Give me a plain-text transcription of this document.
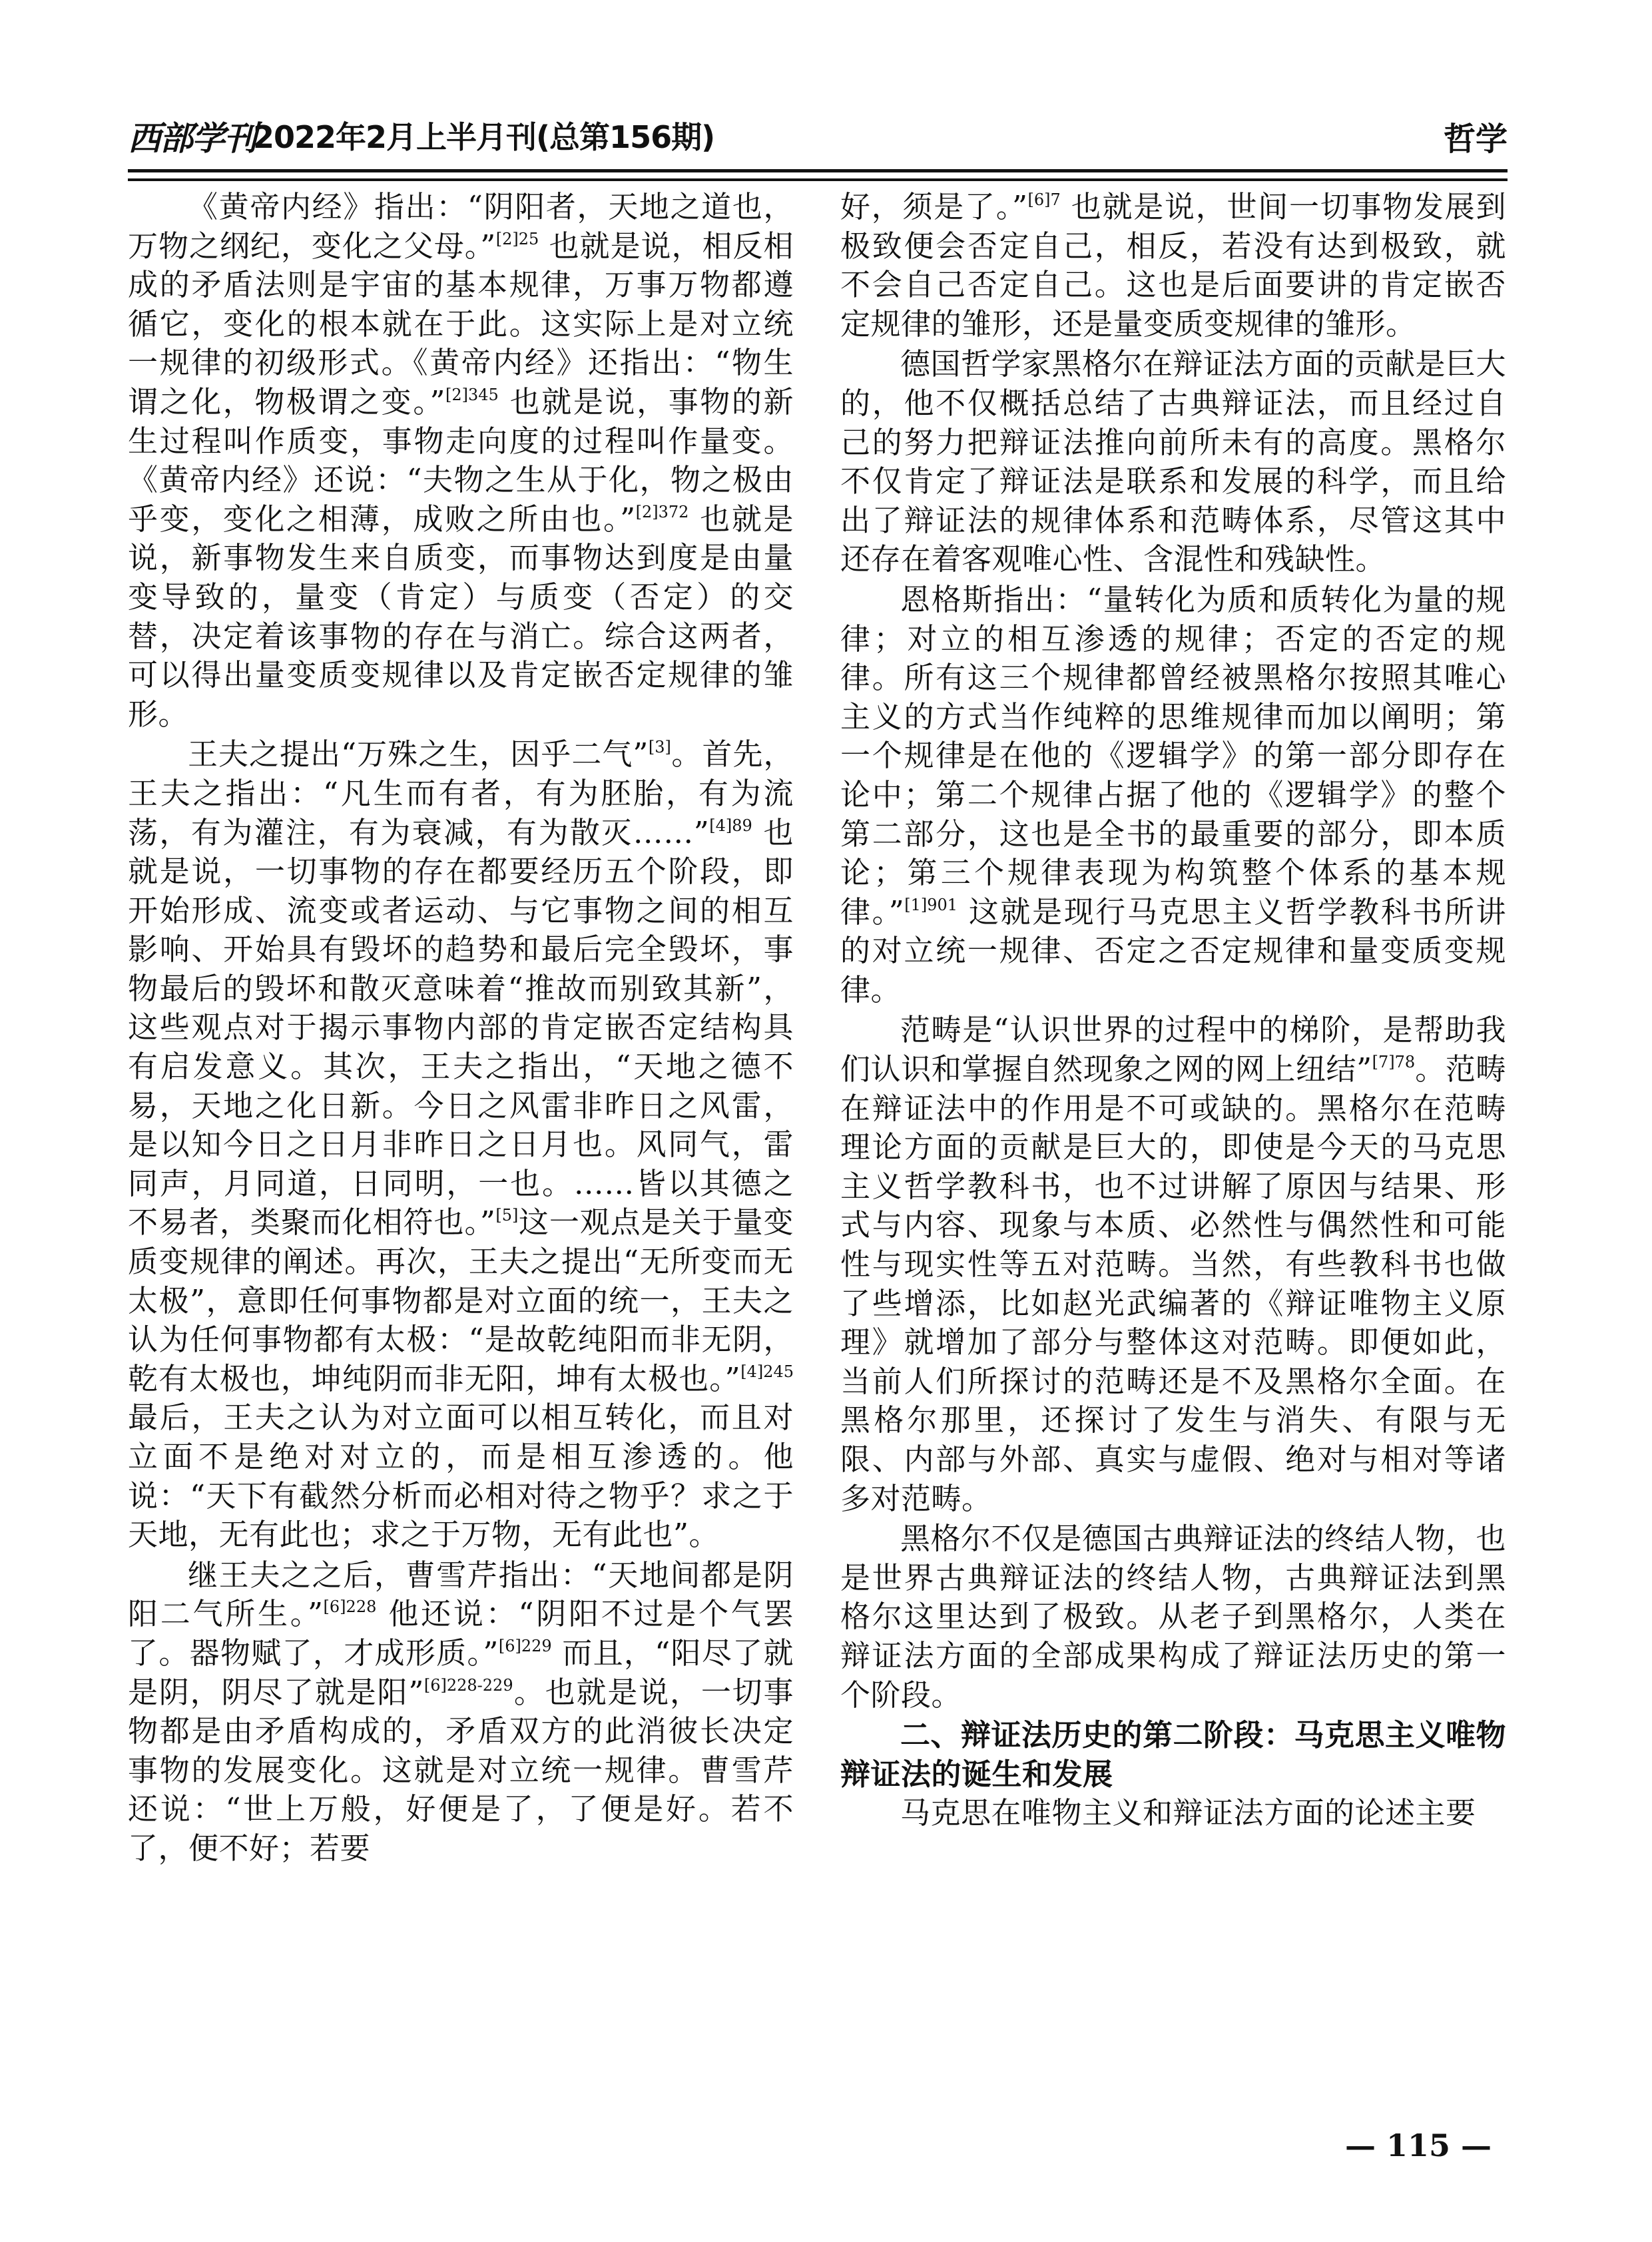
西部学刊
2022年2月上半月刊(总第156期)	哲学

《黄帝内经》指出：“阴阳者，天地之道也，万物之纲纪，变化之父母。”$^{[2]25}$ 也就是说，相反相成的矛盾法则是宇宙的基本规律，万事万物都遵循它，变化的根本就在于此。这实际上是对立统一规律的初级形式。《黄帝内经》还指出：“物生谓之化，物极谓之变。”$^{[2]345}$ 也就是说，事物的新生过程叫作质变，事物走向度的过程叫作量变。《黄帝内经》还说：“夫物之生从于化，物之极由乎变，变化之相薄，成败之所由也。”$^{[2]372}$ 也就是说，新事物发生来自质变，而事物达到度是由量变导致的，量变（肯定）与质变（否定）的交替，决定着该事物的存在与消亡。综合这两者，可以得出量变质变规律以及肯定嵌否定规律的雏形。

王夫之提出“万殊之生，因乎二气”[3]。首先，王夫之指出：“凡生而有者，有为胚胎，有为流荡，有为灌注，有为衰减，有为散灭……”$^{[4]89}$ 也就是说，一切事物的存在都要经历五个阶段，即开始形成、流变或者运动、与它事物之间的相互影响、开始具有毁坏的趋势和最后完全毁坏，事物最后的毁坏和散灭意味着“推故而别致其新”，这些观点对于揭示事物内部的肯定嵌否定结构具有启发意义。其次，王夫之指出，“天地之德不易，天地之化日新。今日之风雷非昨日之风雷，是以知今日之日月非昨日之日月也。风同气，雷同声，月同道，日同明，一也。……皆以其德之不易者，类聚而化相符也。”[5]这一观点是关于量变质变规律的阐述。再次，王夫之提出“无所变而无太极”，意即任何事物都是对立面的统一，王夫之认为任何事物都有太极：“是故乾纯阳而非无阴，乾有太极也，坤纯阴而非无阳，坤有太极也。”$^{[4]245}$ 最后，王夫之认为对立面可以相互转化，而且对立面不是绝对对立的，而是相互渗透的。他说：“天下有截然分析而必相对待之物乎？求之于天地，无有此也；求之于万物，无有此也”。

继王夫之之后，曹雪芹指出：“天地间都是阴阳二气所生。”$^{[6]228}$ 他还说：“阴阳不过是个气罢了。器物赋了，才成形质。”$^{[6]229}$ 而且，“阳尽了就是阴，阴尽了就是阳”$^{[6]228-229}$。也就是说，一切事物都是由矛盾构成的，矛盾双方的此消彼长决定事物的发展变化。这就是对立统一规律。曹雪芹还说：“世上万般，好便是了，了便是好。若不了，便不好；若要

好，须是了。”$^{[6]7}$ 也就是说，世间一切事物发展到极致便会否定自己，相反，若没有达到极致，就不会自己否定自己。这也是后面要讲的肯定嵌否定规律的雏形，还是量变质变规律的雏形。

德国哲学家黑格尔在辩证法方面的贡献是巨大的，他不仅概括总结了古典辩证法，而且经过自己的努力把辩证法推向前所未有的高度。黑格尔不仅肯定了辩证法是联系和发展的科学，而且给出了辩证法的规律体系和范畴体系，尽管这其中还存在着客观唯心性、含混性和残缺性。

恩格斯指出：“量转化为质和质转化为量的规律；对立的相互渗透的规律；否定的否定的规律。所有这三个规律都曾经被黑格尔按照其唯心主义的方式当作纯粹的思维规律而加以阐明；第一个规律是在他的《逻辑学》的第一部分即存在论中；第二个规律占据了他的《逻辑学》的整个第二部分，这也是全书的最重要的部分，即本质论；第三个规律表现为构筑整个体系的基本规律。”$^{[1]901}$ 这就是现行马克思主义哲学教科书所讲的对立统一规律、否定之否定规律和量变质变规律。

范畴是“认识世界的过程中的梯阶，是帮助我们认识和掌握自然现象之网的网上纽结”$^{[7]78}$。范畴在辩证法中的作用是不可或缺的。黑格尔在范畴理论方面的贡献是巨大的，即使是今天的马克思主义哲学教科书，也不过讲解了原因与结果、形式与内容、现象与本质、必然性与偶然性和可能性与现实性等五对范畴。当然，有些教科书也做了些增添，比如赵光武编著的《辩证唯物主义原理》就增加了部分与整体这对范畴。即便如此，当前人们所探讨的范畴还是不及黑格尔全面。在黑格尔那里，还探讨了发生与消失、有限与无限、内部与外部、真实与虚假、绝对与相对等诸多对范畴。

黑格尔不仅是德国古典辩证法的终结人物，也是世界古典辩证法的终结人物，古典辩证法到黑格尔这里达到了极致。从老子到黑格尔，人类在辩证法方面的全部成果构成了辩证法历史的第一个阶段。

二、辩证法历史的第二阶段：马克思主义唯物辩证法的诞生和发展

马克思在唯物主义和辩证法方面的论述主要

— 115 —
